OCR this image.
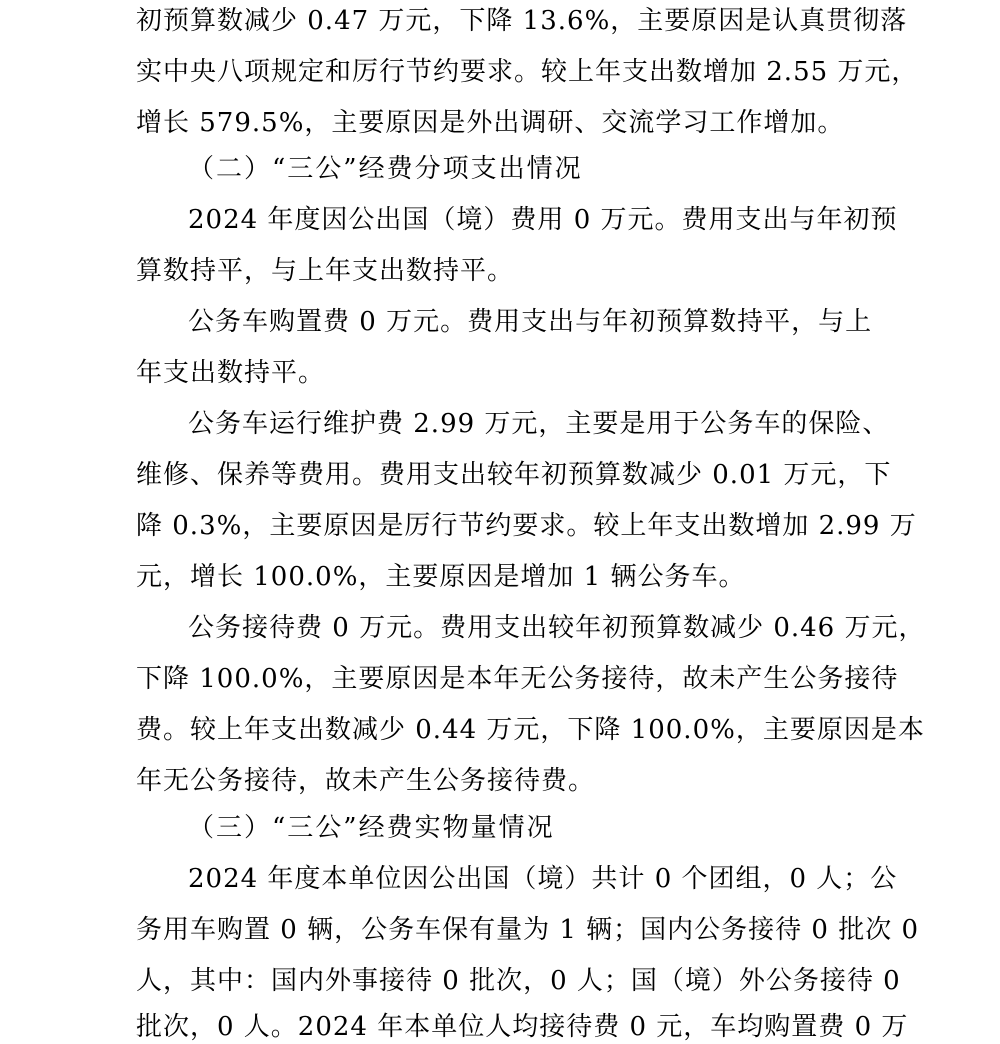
初预算数减少 0.47 万元，下降 13.6%，主要原因是认真贯彻落
实中央八项规定和厉行节约要求。较上年支出数增加 2.55 万元，
增长 579.5%，主要原因是外出调研、交流学习工作增加。
（二）“三公”经费分项支出情况
2024 年度因公出国（境）费用 0 万元。费用支出与年初预
算数持平，与上年支出数持平。
公务车购置费 0 万元。费用支出与年初预算数持平，与上
年支出数持平。
公务车运行维护费 2.99 万元，主要是用于公务车的保险、
维修、保养等费用。费用支出较年初预算数减少 0.01 万元，下
降 0.3%，主要原因是厉行节约要求。较上年支出数增加 2.99 万
元，增长 100.0%，主要原因是增加 1 辆公务车。
公务接待费 0 万元。费用支出较年初预算数减少 0.46 万元，
下降 100.0%，主要原因是本年无公务接待，故未产生公务接待
费。较上年支出数减少 0.44 万元，下降 100.0%，主要原因是本
年无公务接待，故未产生公务接待费。
（三）“三公”经费实物量情况
2024 年度本单位因公出国（境）共计 0 个团组，0 人；公
务用车购置 0 辆，公务车保有量为 1 辆；国内公务接待 0 批次 0
人，其中：国内外事接待 0 批次，0 人；国（境）外公务接待 0
批次，0 人。2024 年本单位人均接待费 0 元，车均购置费 0 万
